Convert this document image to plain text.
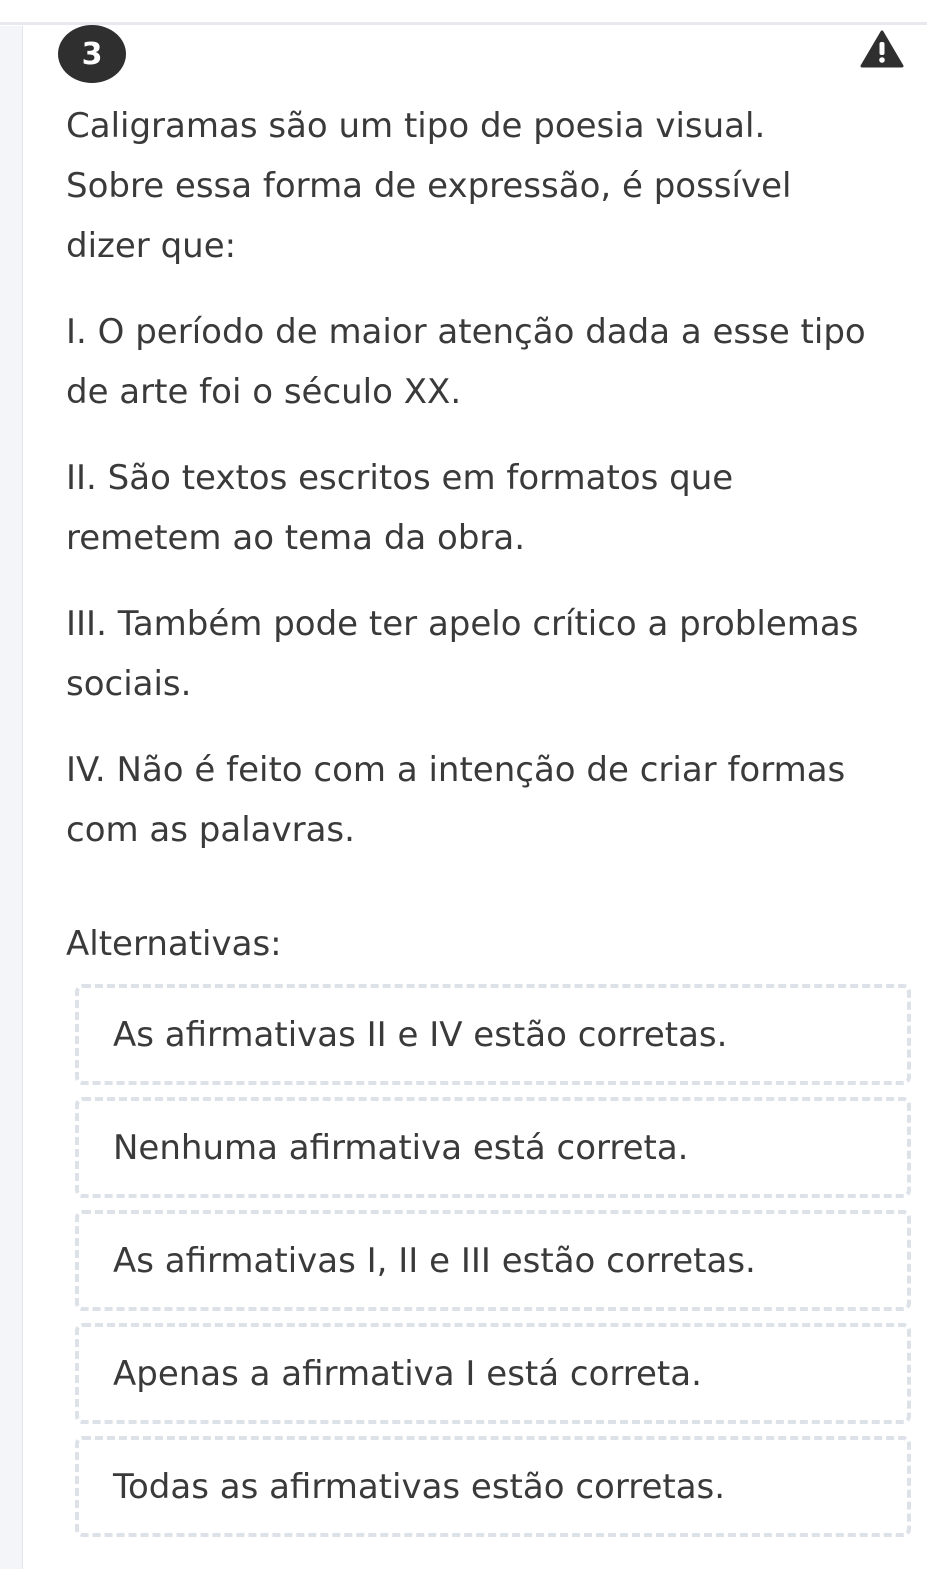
3

Caligramas são um tipo de poesia visual. Sobre essa forma de expressão, é possível dizer que:

I. O período de maior atenção dada a esse tipo de arte foi o século XX.

II. São textos escritos em formatos que remetem ao tema da obra.

III. Também pode ter apelo crítico a problemas sociais.

IV. Não é feito com a intenção de criar formas com as palavras.

Alternativas:
As afirmativas II e IV estão corretas.
Nenhuma afirmativa está correta.
As afirmativas I, II e III estão corretas.
Apenas a afirmativa I está correta.
Todas as afirmativas estão corretas.
